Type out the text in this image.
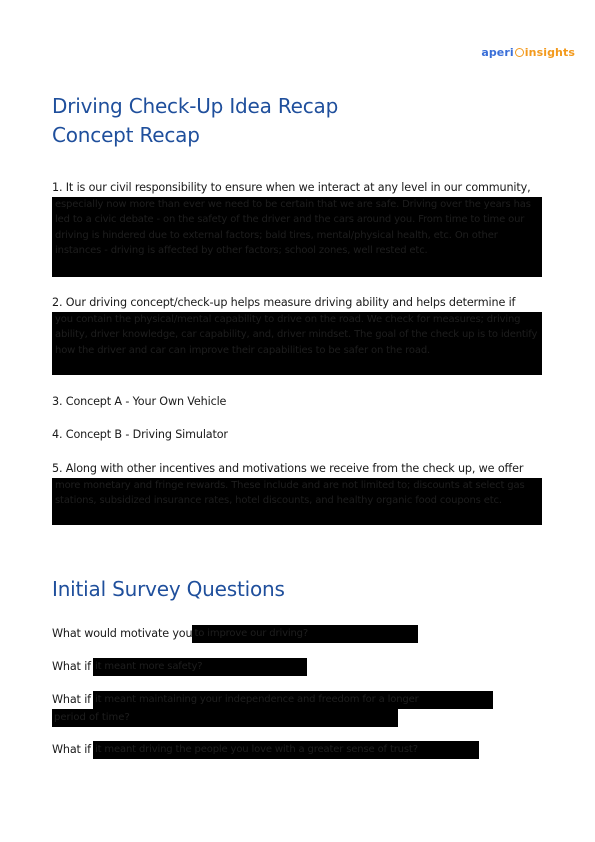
aperi insights
Driving Check-Up Idea Recap
Concept Recap
1. It is our civil responsibility to ensure when we interact at any level in our community,
especially now more than ever we need to be certain that we are safe. Driving over the years has led to a civic debate - on the safety of the driver and the cars around you. From time to time our driving is hindered due to external factors; bald tires, mental/physical health, etc. On other instances - driving is affected by other factors; school zones, well rested etc.
2. Our driving concept/check-up helps measure driving ability and helps determine if
you contain the physical/mental capability to drive on the road. We check for measures; driving ability, driver knowledge, car capability, and, driver mindset. The goal of the check up is to identify how the driver and car can improve their capabilities to be safer on the road.
3. Concept A - Your Own Vehicle
4. Concept B - Driving Simulator
5. Along with other incentives and motivations we receive from the check up, we offer
more monetary and fringe rewards. These include and are not limited to; discounts at select gas stations, subsidized insurance rates, hotel discounts, and healthy organic food coupons etc.
Initial Survey Questions
What would motivate you to improve our driving?
What if it meant more safety?
What if it meant maintaining your independence and freedom for a longer
period of time?
What if it meant driving the people you love with a greater sense of trust?
